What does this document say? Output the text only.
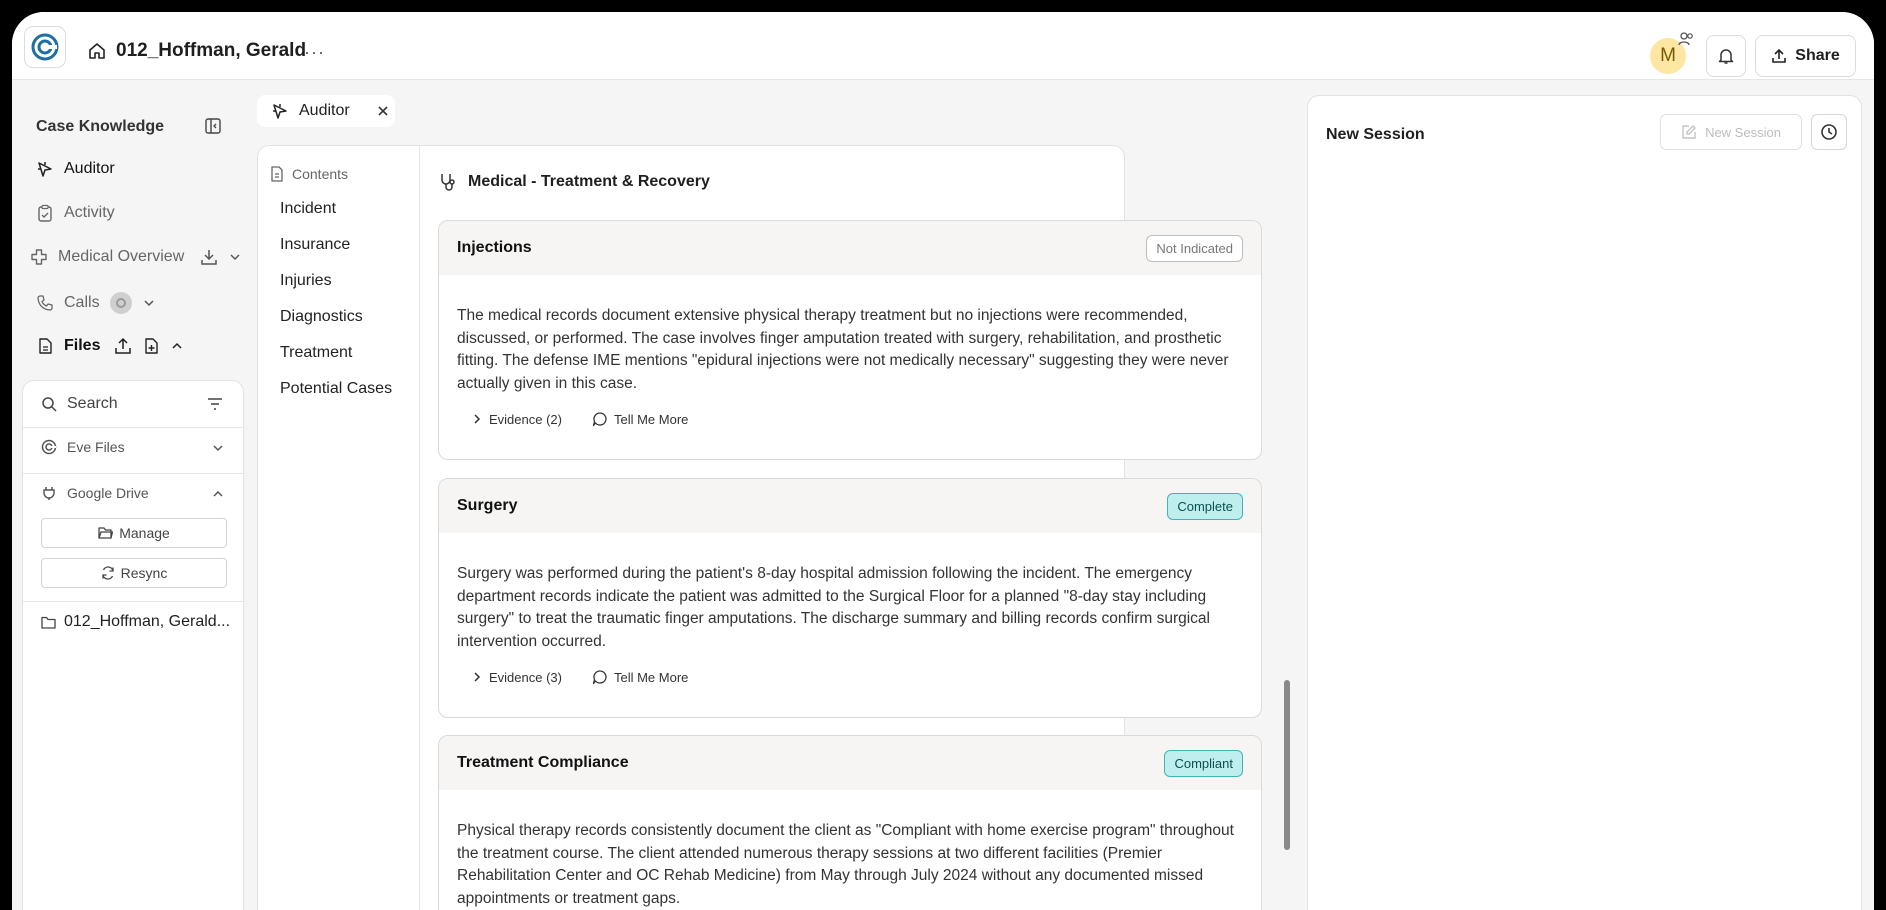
012_Hoffman, Gerald
···	M	Share
Case Knowledge
Auditor
Activity
Medical Overview
Calls
Files
Search
Eve Files
Google Drive
Manage
Resync
012_Hoffman, Gerald...
Auditor
Contents
Incident
Insurance
Injuries
Diagnostics
Treatment
Potential Cases
Medical - Treatment & Recovery
Injections	Not Indicated
The medical records document extensive physical therapy treatment but no injections were recommended, discussed, or performed. The case involves finger amputation treated with surgery, rehabilitation, and prosthetic fitting. The defense IME mentions "epidural injections were not medically necessary" suggesting they were never actually given in this case.
Evidence (2)	Tell Me More
Surgery	Complete
Surgery was performed during the patient's 8-day hospital admission following the incident. The emergency department records indicate the patient was admitted to the Surgical Floor for a planned "8-day stay including surgery" to treat the traumatic finger amputations. The discharge summary and billing records confirm surgical intervention occurred.
Evidence (3)	Tell Me More
Treatment Compliance	Compliant
Physical therapy records consistently document the client as "Compliant with home exercise program" throughout the treatment course. The client attended numerous therapy sessions at two different facilities (Premier Rehabilitation Center and OC Rehab Medicine) from May through July 2024 without any documented missed appointments or treatment gaps.
New Session	New Session
